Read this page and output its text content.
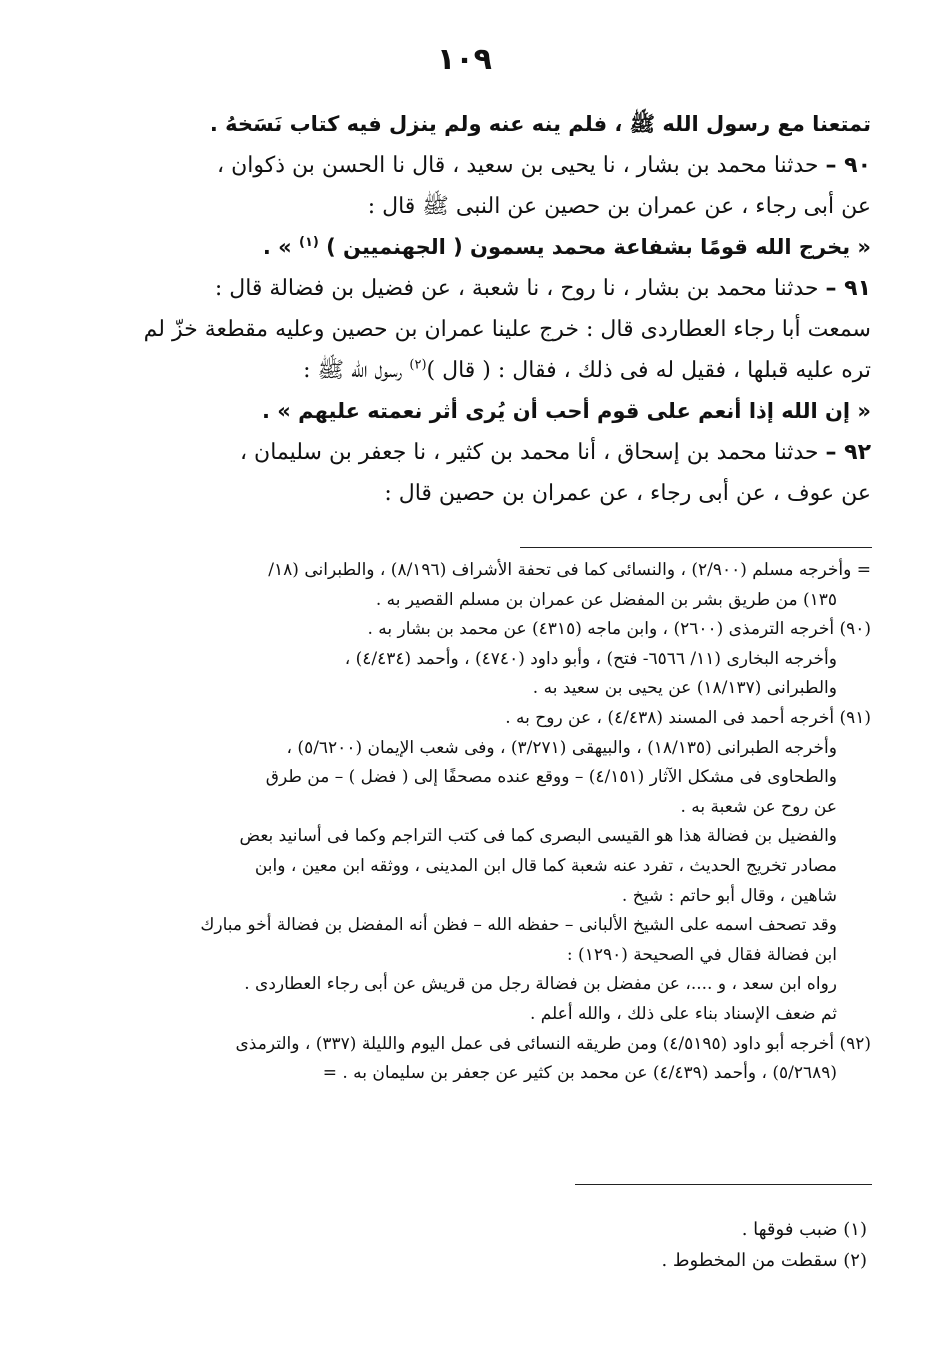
١٠٩
تمتعنا مع رسول الله ﷺ ، فلم ينه عنه ولم ينزل فيه كتاب نَسَخهُ .
٩٠ – حدثنا محمد بن بشار ، نا يحيى بن سعيد ، قال نا الحسن بن ذكوان ،
عن أبى رجاء ، عن عمران بن حصين عن النبى ﷺ قال :
« يخرج الله قومًا بشفاعة محمد يسمون ( الجهنميين ) $^{(١)}$ » .
٩١ – حدثنا محمد بن بشار ، نا روح ، نا شعبة ، عن فضيل بن فضالة قال :
سمعت أبا رجاء العطاردى قال : خرج علينا عمران بن حصين وعليه مقطعة خزّ لم
تره عليه قبلها ، فقيل له فى ذلك ، فقال : ( قال )$^{(٢)}$ رسول الله ﷺ :
« إن الله إذا أنعم على قوم أحب أن يُرى أثر نعمته عليهم » .
٩٢ – حدثنا محمد بن إسحاق ، أنا محمد بن كثير ، نا جعفر بن سليمان ،
عن عوف ، عن أبى رجاء ، عن عمران بن حصين قال :
= وأخرجه مسلم (٢/٩٠٠) ، والنسائى كما فى تحفة الأشراف (٨/١٩٦) ، والطبرانى (١٨/
١٣٥) من طريق بشر بن المفضل عن عمران بن مسلم القصير به .
(٩٠) أخرجه الترمذى (٢٦٠٠) ، وابن ماجه (٤٣١٥) عن محمد بن بشار به .
وأخرجه البخارى (١١/ ٦٥٦٦- فتح) ، وأبو داود (٤٧٤٠) ، وأحمد (٤/٤٣٤) ،
والطبرانى (١٨/١٣٧) عن يحيى بن سعيد به .
(٩١) أخرجه أحمد فى المسند (٤/٤٣٨) ، عن روح به .
وأخرجه الطبرانى (١٨/١٣٥) ، والبيهقى (٣/٢٧١) ، وفى شعب الإيمان (٥/٦٢٠٠) ،
والطحاوى فى مشكل الآثار (٤/١٥١) – ووقع عنده مصحفًا إلى ( فضل ) – من طرق
عن روح عن شعبة به .
والفضيل بن فضالة هذا هو القيسى البصرى كما فى كتب التراجم وكما فى أسانيد بعض
مصادر تخريج الحديث ، تفرد عنه شعبة كما قال ابن المدينى ، ووثقه ابن معين ، وابن
شاهين ، وقال أبو حاتم : شيخ .
وقد تصحف اسمه على الشيخ الألبانى – حفظه الله – فظن أنه المفضل بن فضالة أخو مبارك
ابن فضالة فقال في الصحيحة (١٢٩٠) :
رواه ابن سعد ، و ....، عن مفضل بن فضالة رجل من قريش عن أبى رجاء العطاردى .
ثم ضعف الإسناد بناء على ذلك ، والله أعلم .
(٩٢) أخرجه أبو داود (٤/٥١٩٥) ومن طريقه النسائى فى عمل اليوم والليلة (٣٣٧) ، والترمذى
(٥/٢٦٨٩) ، وأحمد (٤/٤٣٩) عن محمد بن كثير عن جعفر بن سليمان به . =
(١) ضبب فوقها .
(٢) سقطت من المخطوط .
